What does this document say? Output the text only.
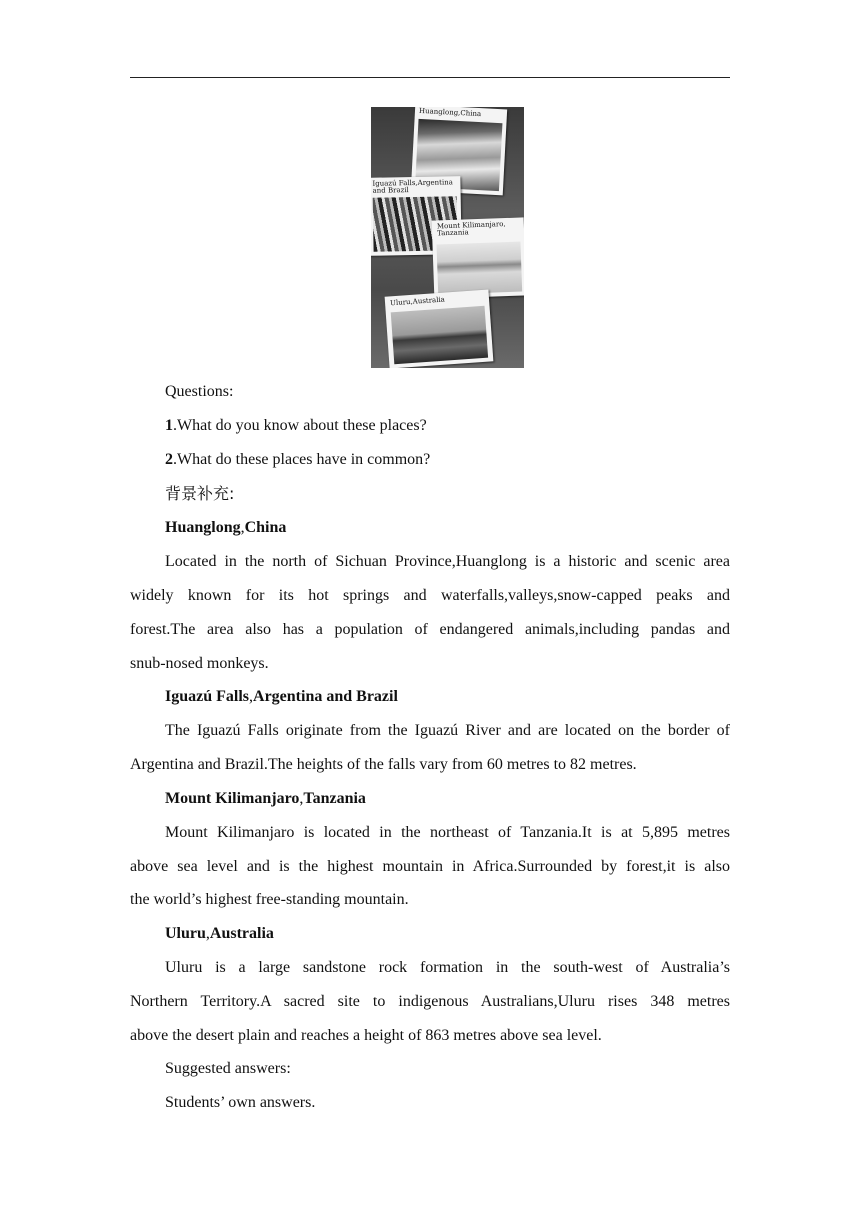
Huanglong,China
Iguazú Falls,Argentina
and Brazil
Mount Kilimanjaro,
Tanzania
Uluru,Australia
Questions:
1.What do you know about these places?
2.What do these places have in common?
背景补充:
Huanglong,China
Located in the north of Sichuan Province,Huanglong is a historic and scenic area
widely known for its hot springs and waterfalls,valleys,snow-capped peaks and
forest.The area also has a population of endangered animals,including pandas and
snub-nosed monkeys.
Iguazú Falls,Argentina and Brazil
The Iguazú Falls originate from the Iguazú River and are located on the border of
Argentina and Brazil.The heights of the falls vary from 60 metres to 82 metres.
Mount Kilimanjaro,Tanzania
Mount Kilimanjaro is located in the northeast of Tanzania.It is at 5,895 metres
above sea level and is the highest mountain in Africa.Surrounded by forest,it is also
the world’s highest free-standing mountain.
Uluru,Australia
Uluru is a large sandstone rock formation in the south-west of Australia’s
Northern Territory.A sacred site to indigenous Australians,Uluru rises 348 metres
above the desert plain and reaches a height of 863 metres above sea level.
Suggested answers:
Students’ own answers.
